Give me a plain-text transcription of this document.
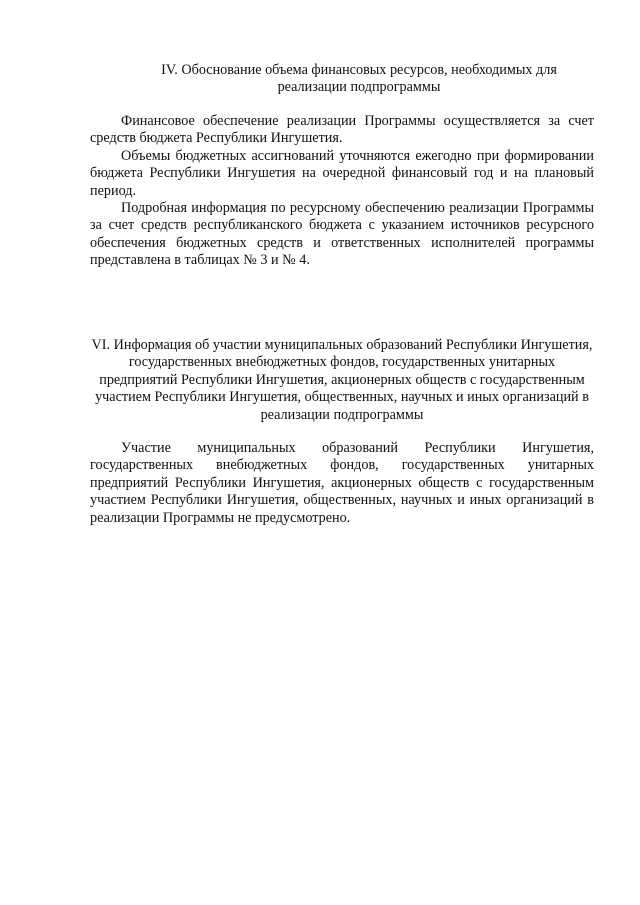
IV. Обоснование объема финансовых ресурсов, необходимых для реализации подпрограммы

Финансовое обеспечение реализации Программы осуществляется за счет средств бюджета Республики Ингушетия.

Объемы бюджетных ассигнований уточняются ежегодно при формировании бюджета Республики Ингушетия на очередной финансовый год и на плановый период.

Подробная информация по ресурсному обеспечению реализации Программы за счет средств республиканского бюджета с указанием источников ресурсного обеспечения бюджетных средств и ответственных исполнителей программы представлена в таблицах № 3 и № 4.

VI. Информация об участии муниципальных образований Республики Ингушетия, государственных внебюджетных фондов, государственных унитарных предприятий Республики Ингушетия, акционерных обществ с государственным участием Республики Ингушетия, общественных, научных и иных организаций в реализации подпрограммы

Участие муниципальных образований Республики Ингушетия, государственных внебюджетных фондов, государственных унитарных предприятий Республики Ингушетия, акционерных обществ с государственным участием Республики Ингушетия, общественных, научных и иных организаций в реализации Программы не предусмотрено.
